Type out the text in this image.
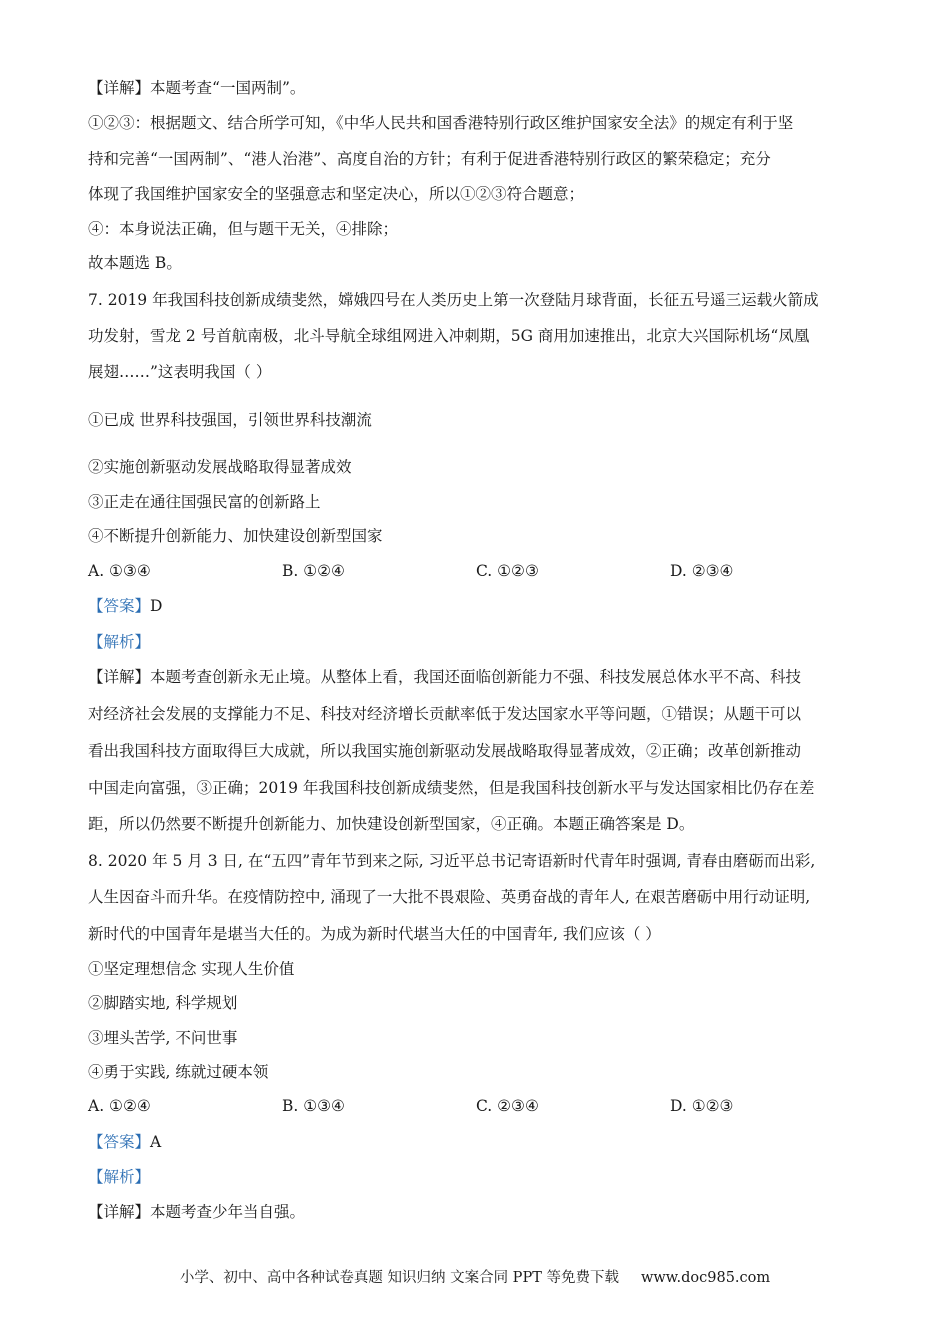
【详解】本题考查“一国两制”。
①②③：根据题文、结合所学可知，《中华人民共和国香港特别行政区维护国家安全法》的规定有利于坚
持和完善“一国两制”、“港人治港”、高度自治的方针；有利于促进香港特别行政区的繁荣稳定；充分
体现了我国维护国家安全的坚强意志和坚定决心，所以①②③符合题意；
④：本身说法正确，但与题干无关，④排除；
故本题选 B。
7. 2019 年我国科技创新成绩斐然，嫦娥四号在人类历史上第一次登陆月球背面，长征五号遥三运载火箭成
功发射，雪龙 2 号首航南极，北斗导航全球组网进入冲刺期，5G 商用加速推出，北京大兴国际机场“凤凰
展翅……”这表明我国（ ）
①已成 世界科技强国，引领世界科技潮流
②实施创新驱动发展战略取得显著成效
③正走在通往国强民富的创新路上
④不断提升创新能力、加快建设创新型国家
A. ①③④	B. ①②④	C. ①②③	D. ②③④
【答案】D
【解析】
【详解】本题考查创新永无止境。从整体上看，我国还面临创新能力不强、科技发展总体水平不高、科技
对经济社会发展的支撑能力不足、科技对经济增长贡献率低于发达国家水平等问题，①错误；从题干可以
看出我国科技方面取得巨大成就，所以我国实施创新驱动发展战略取得显著成效，②正确；改革创新推动
中国走向富强，③正确；2019 年我国科技创新成绩斐然，但是我国科技创新水平与发达国家相比仍存在差
距，所以仍然要不断提升创新能力、加快建设创新型国家，④正确。本题正确答案是 D。
8. 2020 年 5 月 3 日, 在“五四”青年节到来之际, 习近平总书记寄语新时代青年时强调, 青春由磨砺而出彩,
人生因奋斗而升华。在疫情防控中, 涌现了一大批不畏艰险、英勇奋战的青年人, 在艰苦磨砺中用行动证明,
新时代的中国青年是堪当大任的。为成为新时代堪当大任的中国青年, 我们应该（ ）
①坚定理想信念 实现人生价值
②脚踏实地, 科学规划
③埋头苦学, 不问世事
④勇于实践, 练就过硬本领
A. ①②④	B. ①③④	C. ②③④	D. ①②③
【答案】A
【解析】
【详解】本题考查少年当自强。
小学、初中、高中各种试卷真题 知识归纳 文案合同 PPT 等免费下载 www.doc985.com
